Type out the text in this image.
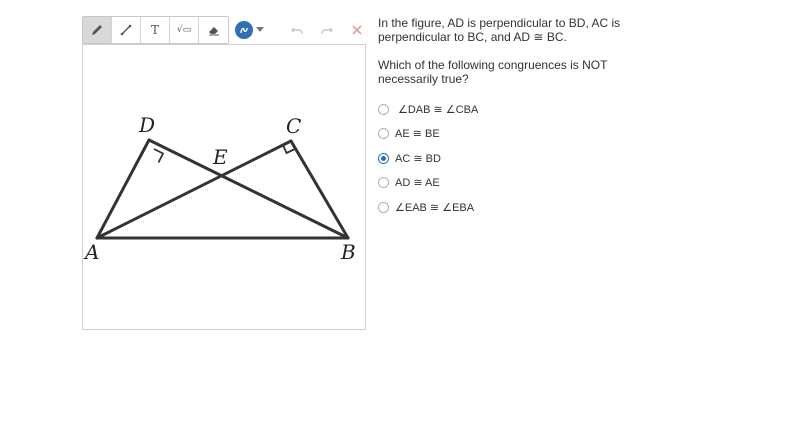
T √▭
D	C
E
A	B

In the figure, AD is perpendicular to BD, AC is perpendicular to BC, and AD ≅ BC.

Which of the following congruences is NOT necessarily true?

∠DAB ≅ ∠CBA
AE ≅ BE
AC ≅ BD
AD ≅ AE
∠EAB ≅ ∠EBA
